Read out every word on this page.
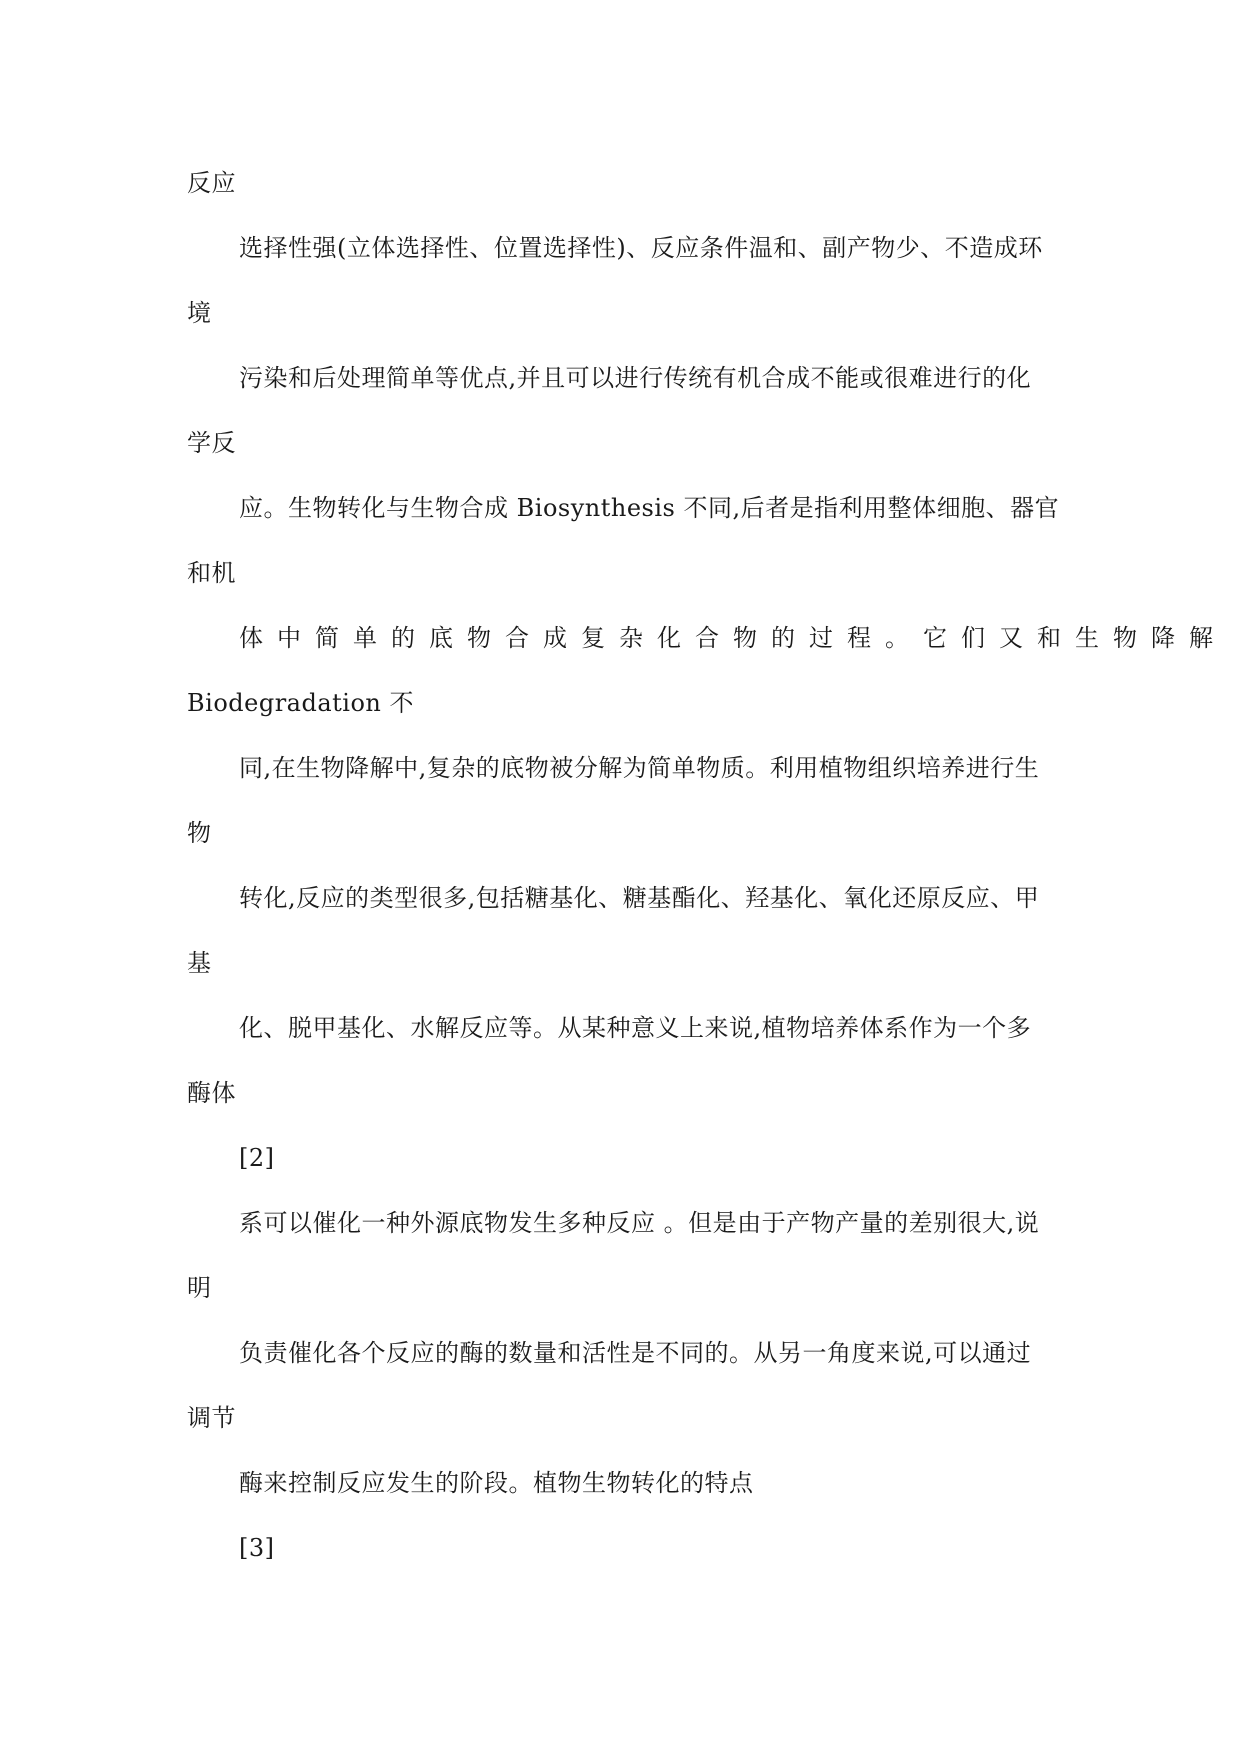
反应
选择性强(立体选择性、位置选择性)、反应条件温和、副产物少、不造成环
境
污染和后处理简单等优点,并且可以进行传统有机合成不能或很难进行的化
学反
应。生物转化与生物合成 Biosynthesis 不同,后者是指利用整体细胞、器官
和机
体中简单的底物合成复杂化合物的过程。它们又和生物降解
Biodegradation 不
同,在生物降解中,复杂的底物被分解为简单物质。利用植物组织培养进行生
物
转化,反应的类型很多,包括糖基化、糖基酯化、羟基化、氧化还原反应、甲
基
化、脱甲基化、水解反应等。从某种意义上来说,植物培养体系作为一个多
酶体
[2]
系可以催化一种外源底物发生多种反应 。但是由于产物产量的差别很大,说
明
负责催化各个反应的酶的数量和活性是不同的。从另一角度来说,可以通过
调节
酶来控制反应发生的阶段。植物生物转化的特点
[3]
